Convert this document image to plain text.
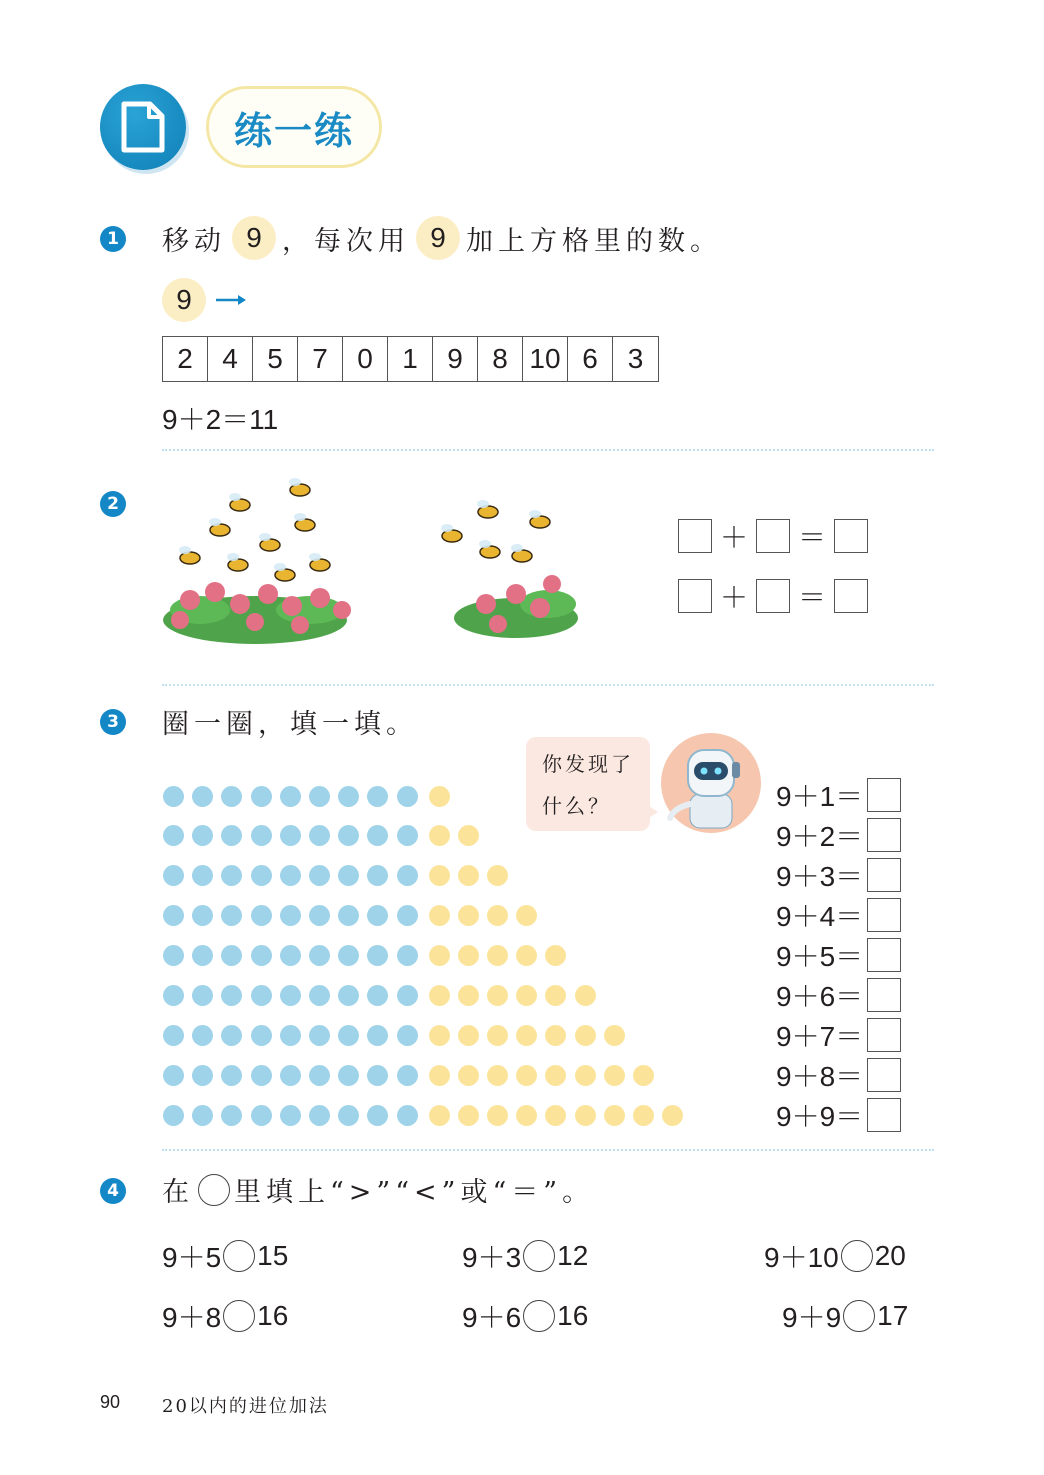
练一练
1 移动 9 ，每次用 9 加上方格里的数。
9
2	4	5	7	0	1	9	8 10 6	3
9＋2＝11
2
＋ ＝
＋ ＝
3 圈一圈，填一填。
你发现了
什么？	9＋1＝
9＋2＝
9＋3＝
9＋4＝
9＋5＝
9＋6＝
9＋7＝
9＋8＝
9＋9＝
4 在 里填上“>”“<”或“＝”。
9＋5 15	9＋3 12	9＋10 20
9＋8 16	9＋6 16	9＋9 17
90 20以内的进位加法
